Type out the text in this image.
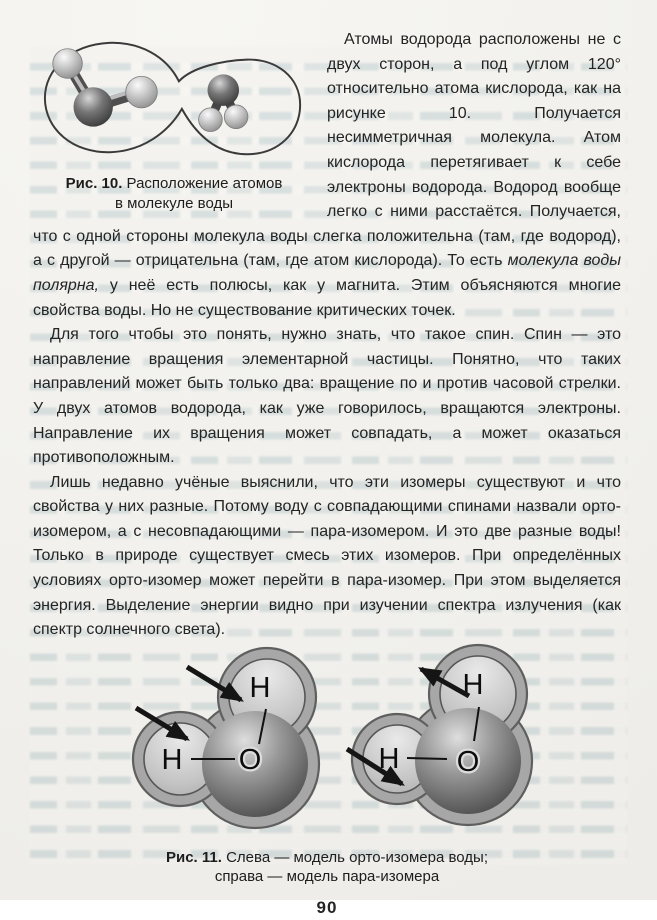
Рис. 10. Расположение атомов
в молекуле воды

Атомы водорода расположены не с двух сторон, а под углом 120° относительно атома кислорода, как на рисунке 10. Получается несимметричная молекула. Атом кислорода перетягивает к себе электроны водорода. Водород вообще легко с ними расстаётся. Получается, что с одной стороны молекула воды слегка положительна (там, где водород), а с другой — отрицательна (там, где атом кислорода). То есть молекула воды полярна, у неё есть полюсы, как у магнита. Этим объясняются многие свойства воды. Но не существование критических точек.

Для того чтобы это понять, нужно знать, что такое спин. Спин — это направление вращения элементарной частицы. Понятно, что таких направлений может быть только два: вращение по и против часовой стрелки. У двух атомов водорода, как уже говорилось, вращаются электроны. Направление их вращения может совпадать, а может оказаться противоположным.

Лишь недавно учёные выяснили, что эти изомеры существуют и что свойства у них разные. Потому воду с совпадающими спинами назвали орто-изомером, а с несовпадающими — пара-изомером. И это две разные воды! Только в природе существует смесь этих изомеров. При определённых условиях орто-изомер может перейти в пара-изомер. При этом выделяется энергия. Выделение энергии видно при изучении спектра излучения (как спектр солнечного света).

H
H O
H
H O
Рис. 11. Слева — модель орто-изомера воды;
справа — модель пара-изомера
90
